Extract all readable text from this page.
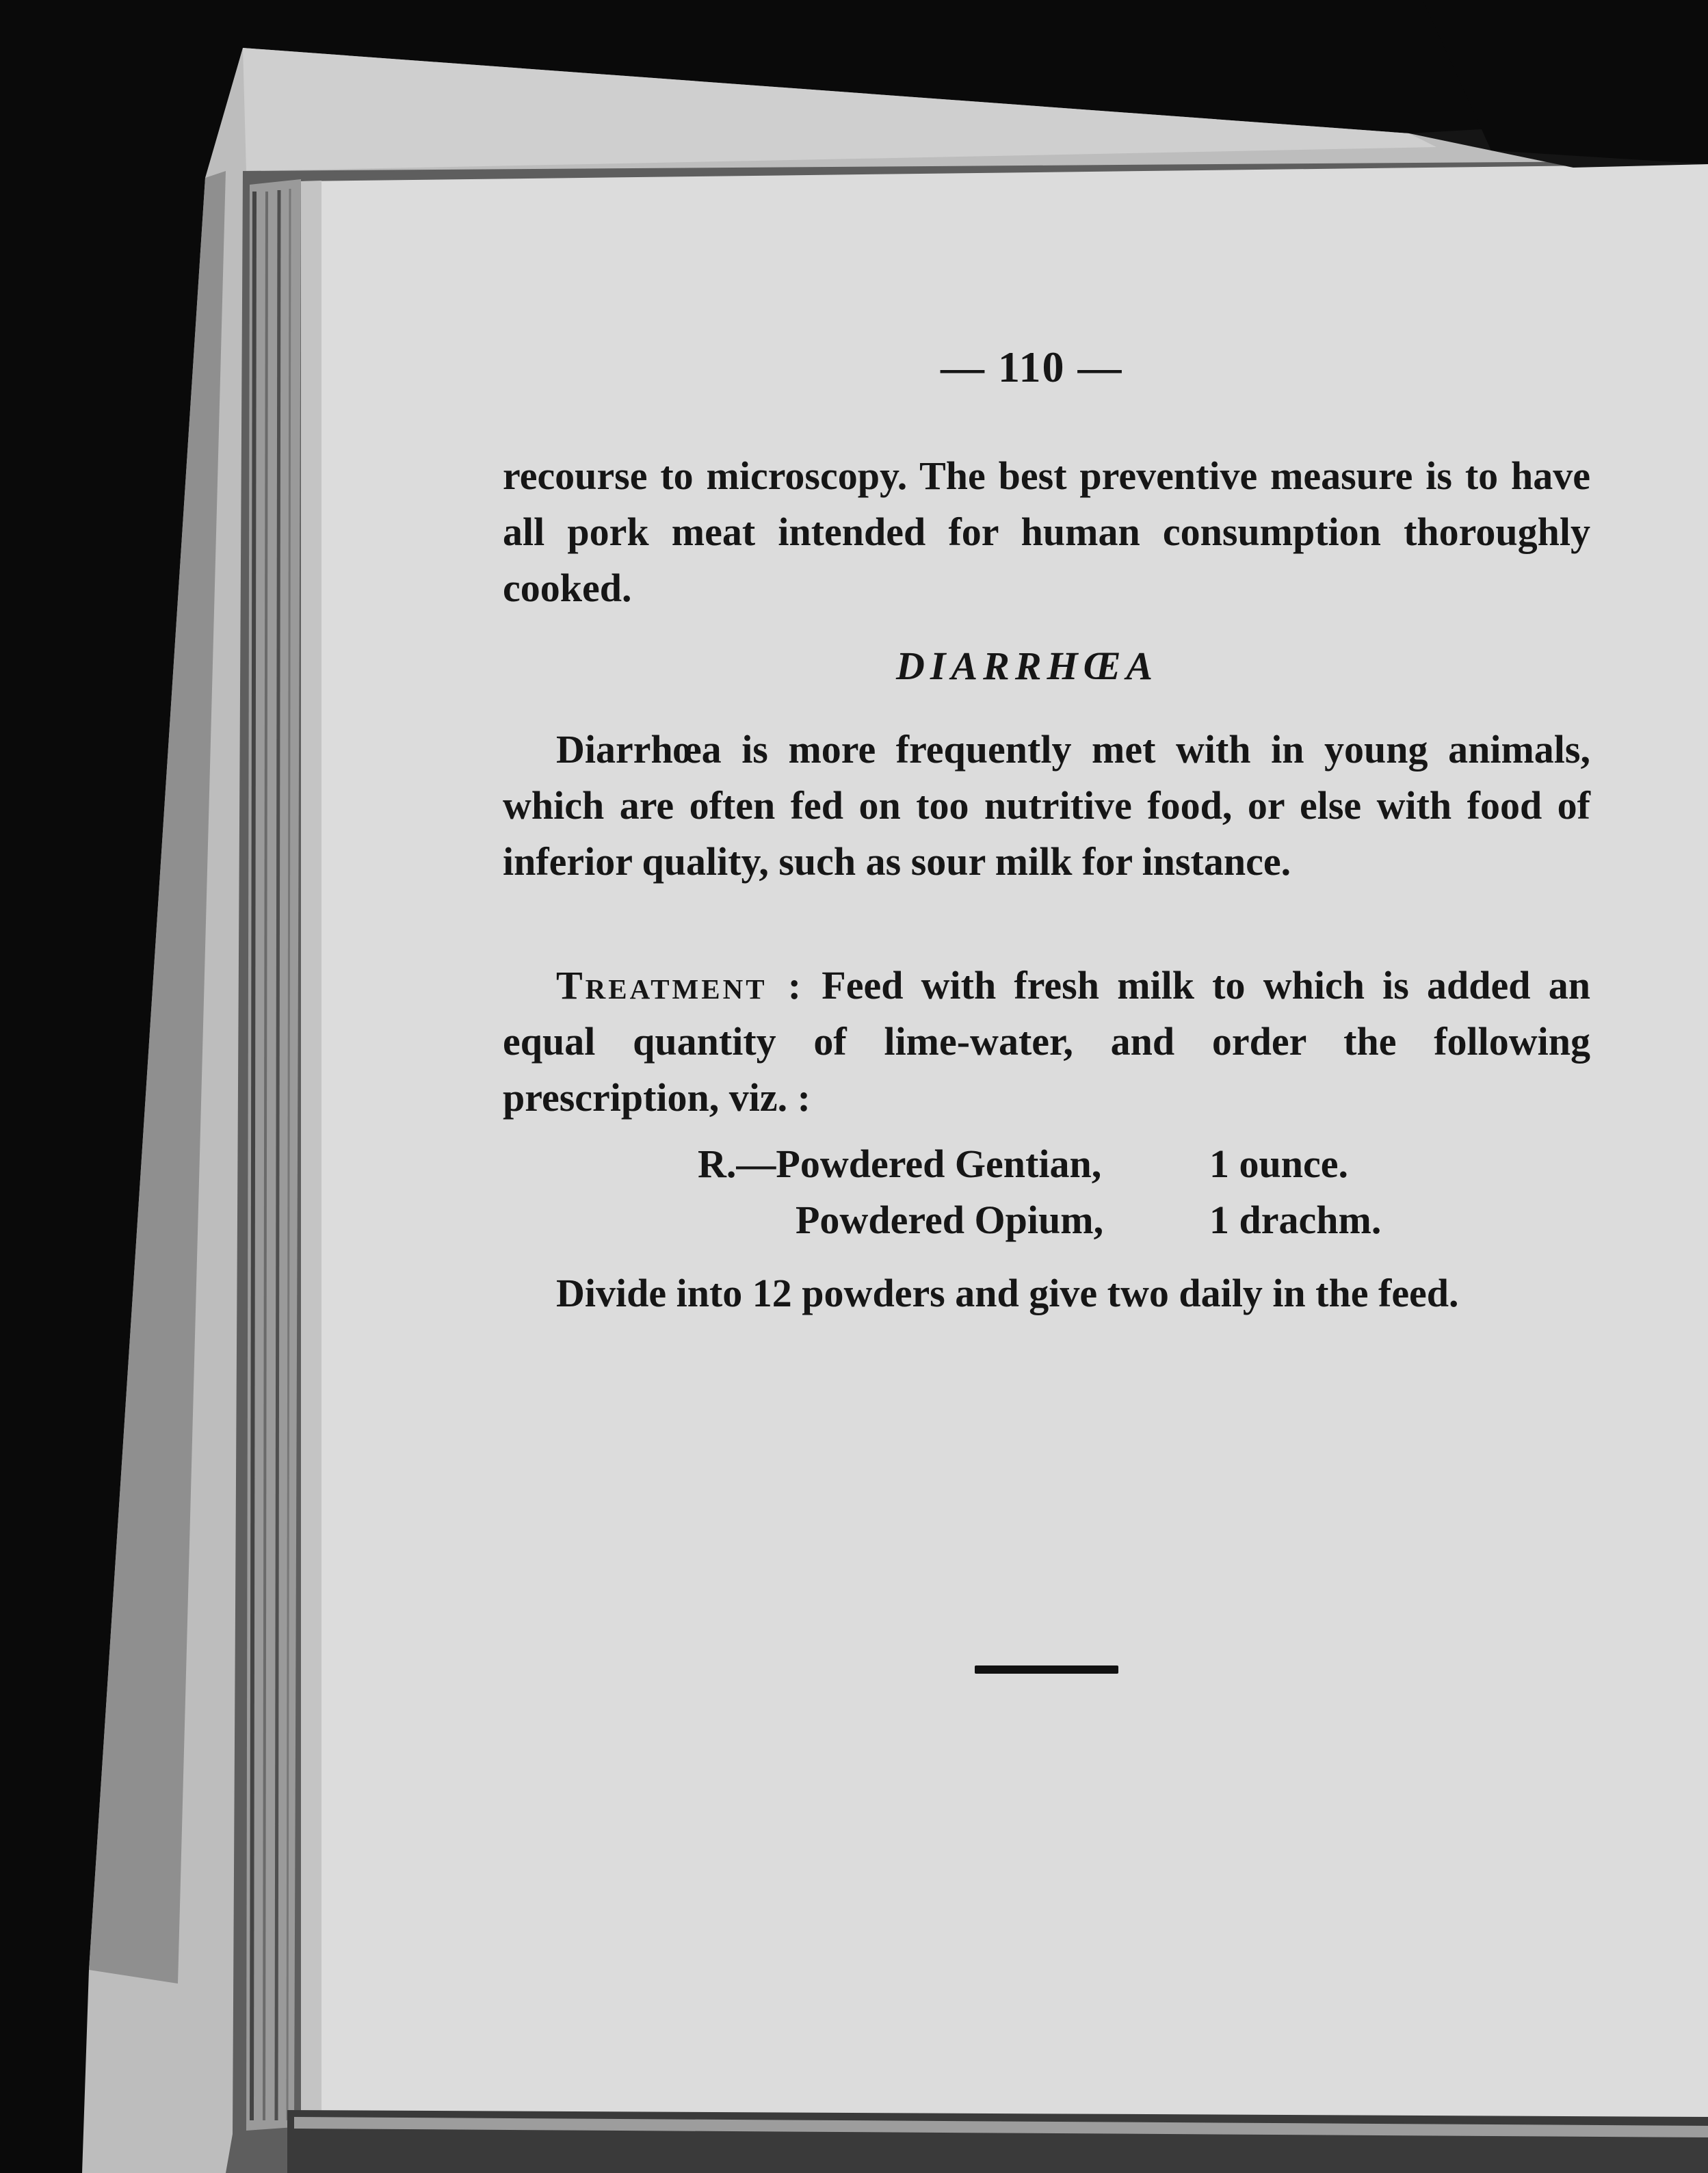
— 110 —
recourse to microscopy. The best preventive measure is to have all pork meat intended for human consumption thoroughly cooked.
DIARRHŒA
Diarrhœa is more frequently met with in young animals, which are often fed on too nutritive food, or else with food of inferior quality, such as sour milk for instance.
Treatment : Feed with fresh milk to which is added an equal quantity of lime-water, and order the following prescription, viz. :
R.—Powdered Gentian,	1 ounce.
Powdered Opium,	1 drachm.
Divide into 12 powders and give two daily in the feed.
